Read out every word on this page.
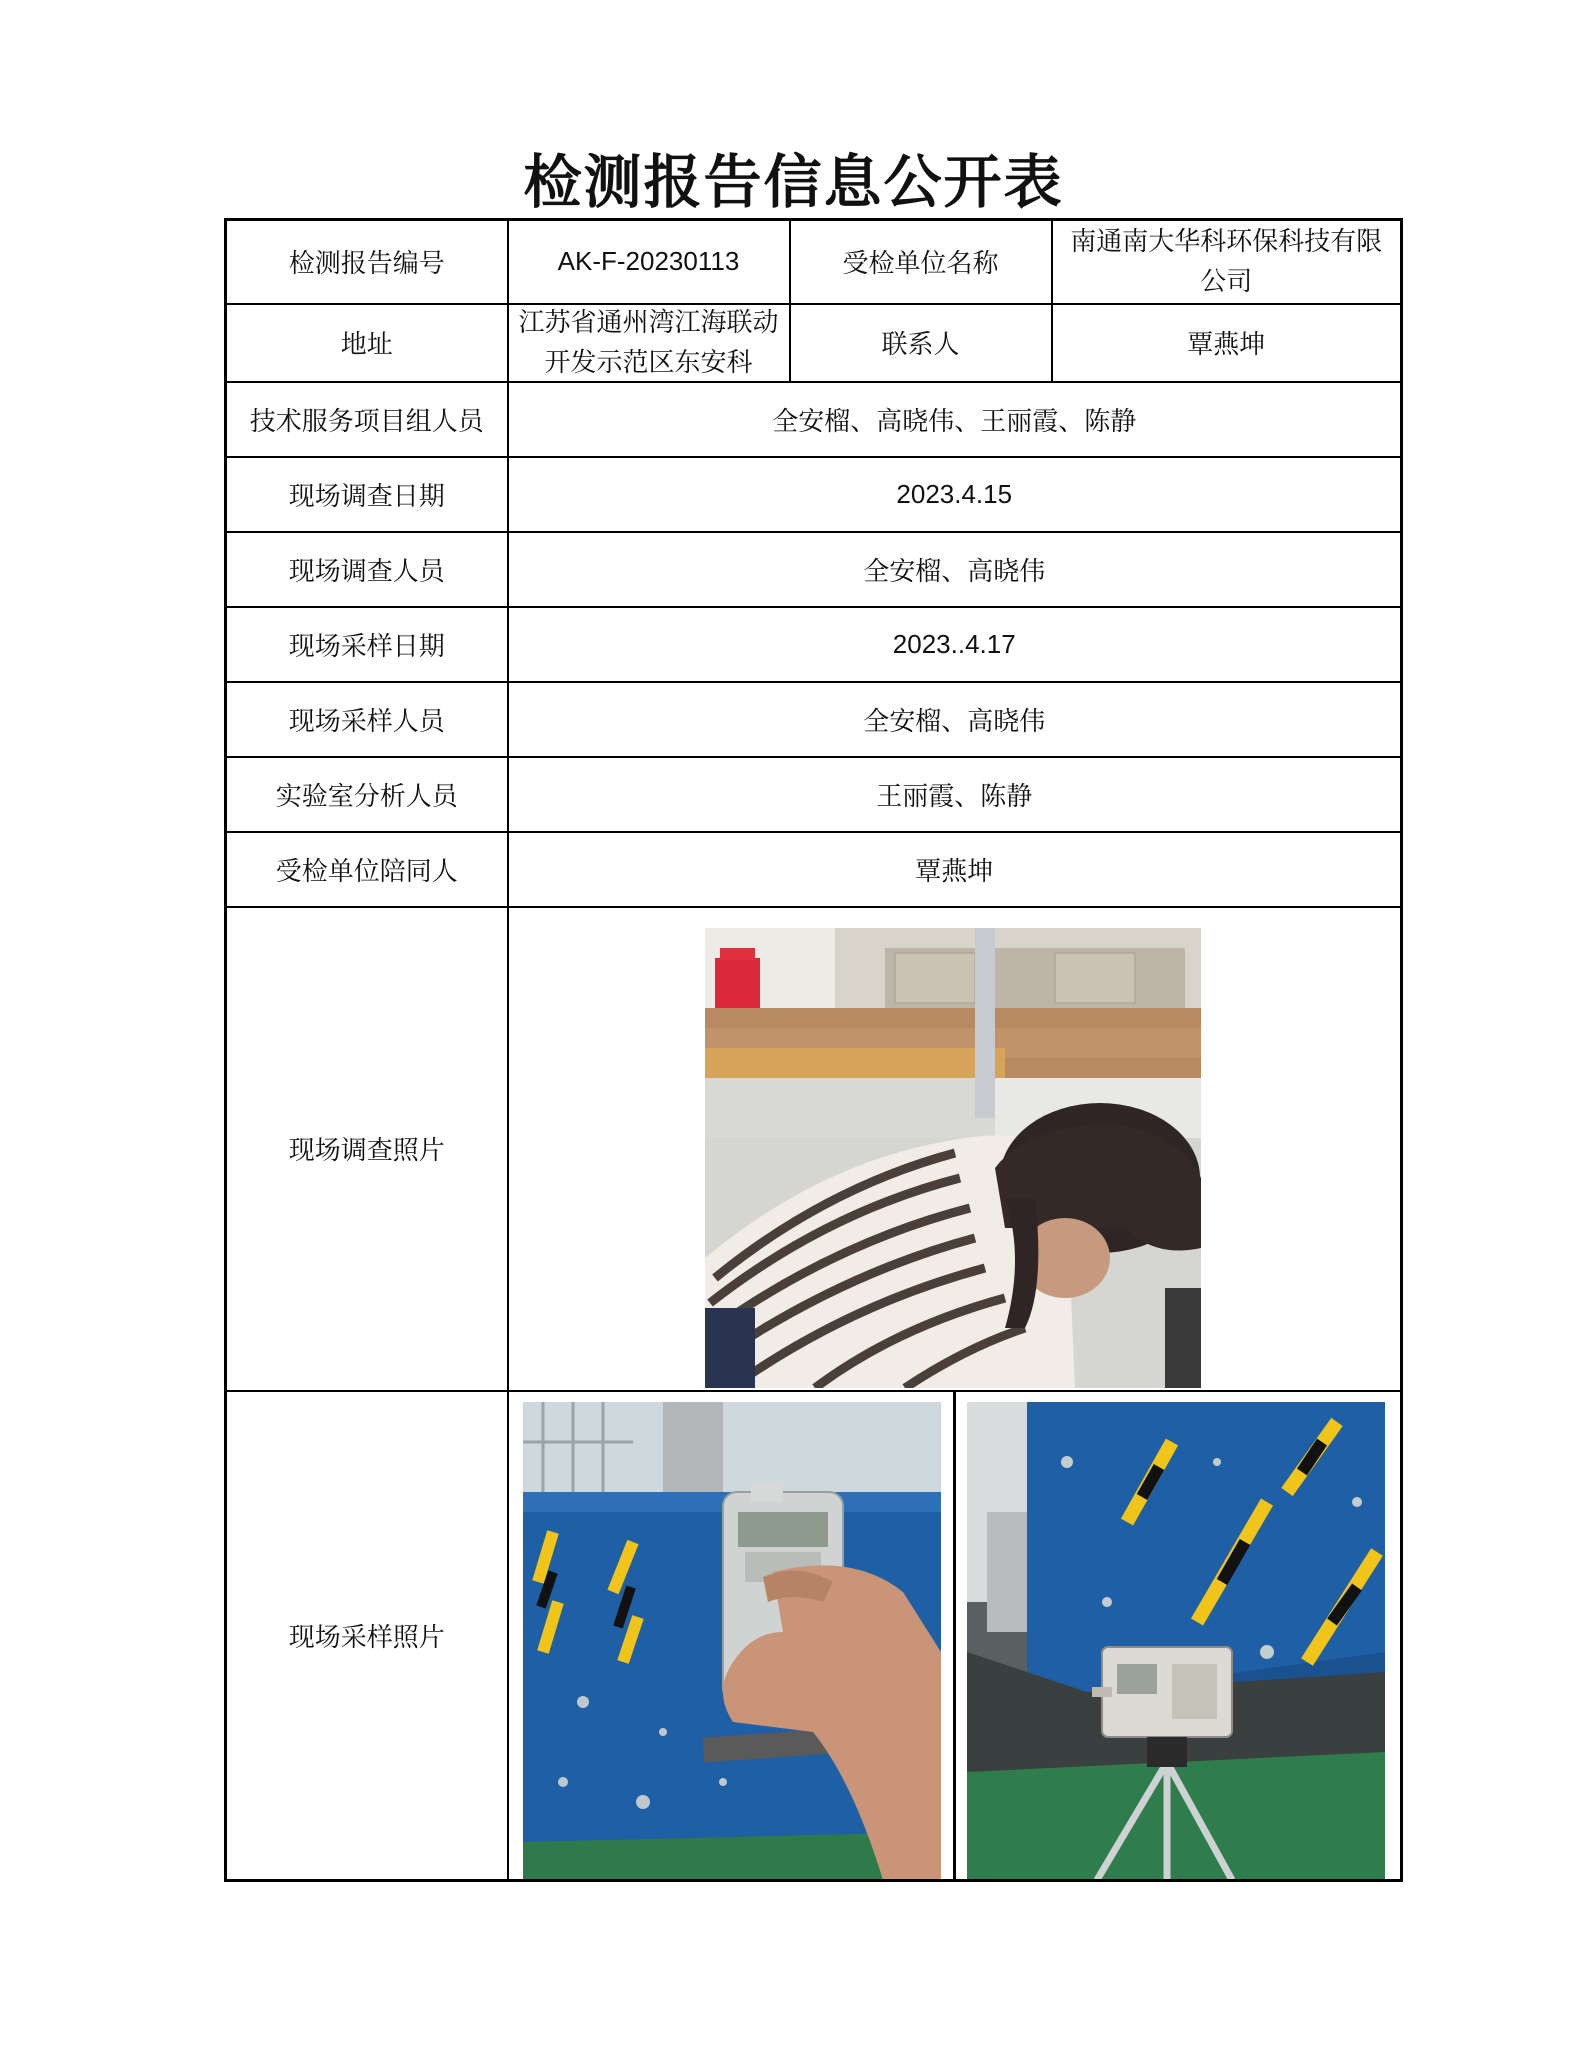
检测报告信息公开表
检测报告编号	AK-F-20230113	受检单位名称	南通南大华科环保科技有限公司
地址	江苏省通州湾江海联动开发示范区东安科	联系人	覃燕坤
技术服务项目组人员	全安榴、高晓伟、王丽霞、陈静		
现场调查日期	2023.4.15		
现场调查人员	全安榴、高晓伟		
现场采样日期	2023..4.17		
现场采样人员	全安榴、高晓伟		
实验室分析人员	王丽霞、陈静		
受检单位陪同人	覃燕坤		
现场调查照片	

现场采样照片	
